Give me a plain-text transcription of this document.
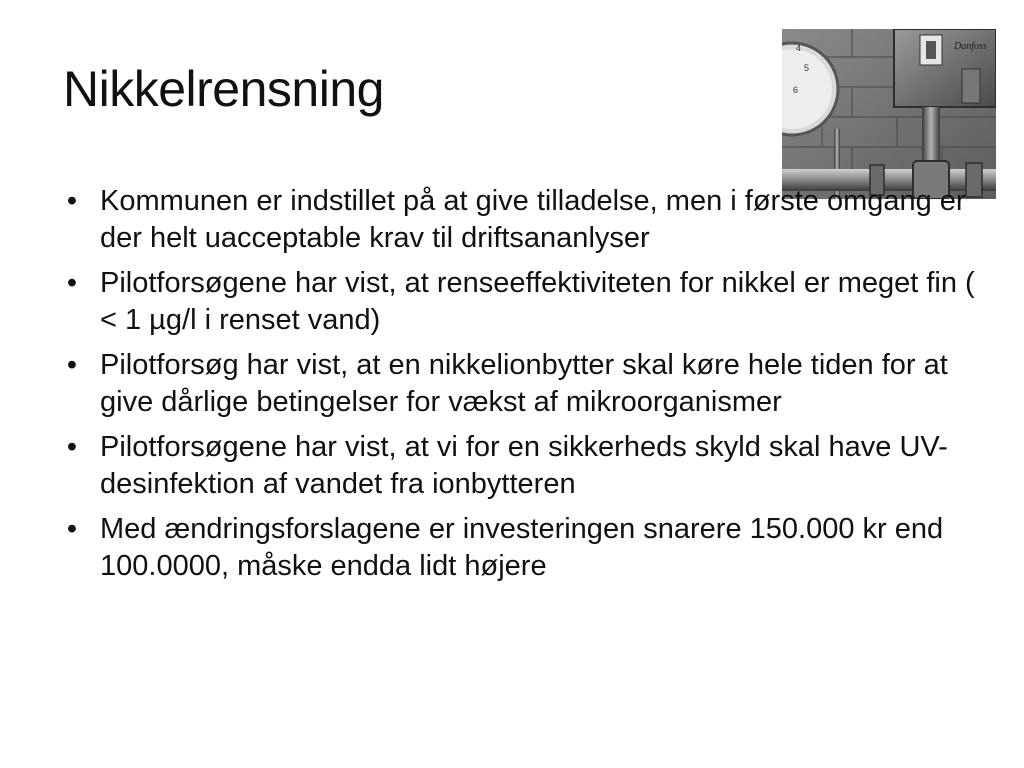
Nikkelrensning
4
5
6
Danfoss
• Kommunen er indstillet på at give tilladelse, men i første omgang er der helt uacceptable krav til driftsananlyser
• Pilotforsøgene har vist, at renseeffektiviteten for nikkel er meget fin ( < 1 µg/l i renset vand)
• Pilotforsøg har vist, at en nikkelionbytter skal køre hele tiden for at give dårlige betingelser for vækst af mikroorganismer
• Pilotforsøgene har vist, at vi for en sikkerheds skyld skal have UV-desinfektion af vandet fra ionbytteren
• Med ændringsforslagene er investeringen snarere 150.000 kr end 100.0000, måske endda lidt højere
